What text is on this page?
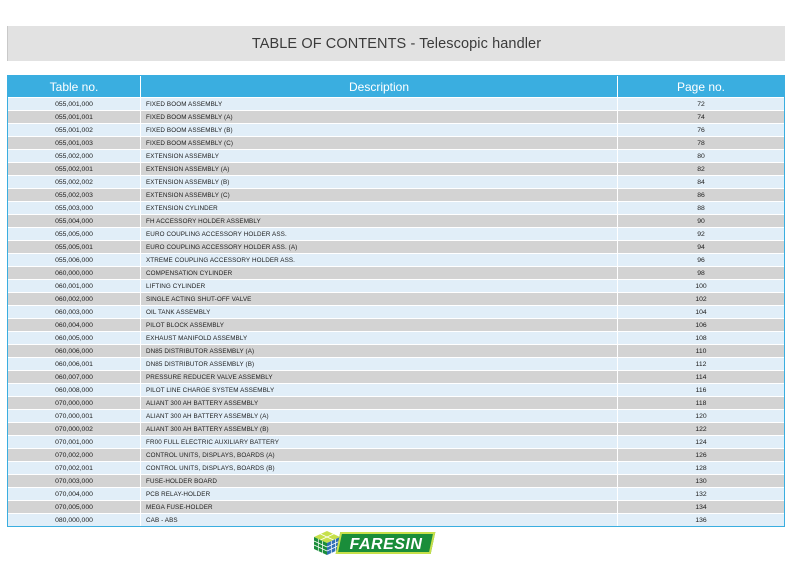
TABLE OF CONTENTS - Telescopic handler
Table no.	Description	Page no.
055,001,000	FIXED BOOM ASSEMBLY	72
055,001,001	FIXED BOOM ASSEMBLY (A)	74
055,001,002	FIXED BOOM ASSEMBLY (B)	76
055,001,003	FIXED BOOM ASSEMBLY (C)	78
055,002,000	EXTENSION ASSEMBLY	80
055,002,001	EXTENSION ASSEMBLY (A)	82
055,002,002	EXTENSION ASSEMBLY (B)	84
055,002,003	EXTENSION ASSEMBLY (C)	86
055,003,000	EXTENSION CYLINDER	88
055,004,000	FH ACCESSORY HOLDER ASSEMBLY	90
055,005,000	EURO COUPLING ACCESSORY HOLDER ASS.	92
055,005,001	EURO COUPLING ACCESSORY HOLDER ASS. (A)	94
055,006,000	XTREME COUPLING ACCESSORY HOLDER ASS.	96
060,000,000	COMPENSATION CYLINDER	98
060,001,000	LIFTING CYLINDER	100
060,002,000	SINGLE ACTING SHUT-OFF VALVE	102
060,003,000	OIL TANK ASSEMBLY	104
060,004,000	PILOT BLOCK ASSEMBLY	106
060,005,000	EXHAUST MANIFOLD ASSEMBLY	108
060,006,000	DN85 DISTRIBUTOR ASSEMBLY (A)	110
060,006,001	DN85 DISTRIBUTOR ASSEMBLY (B)	112
060,007,000	PRESSURE REDUCER VALVE ASSEMBLY	114
060,008,000	PILOT LINE CHARGE SYSTEM ASSEMBLY	116
070,000,000	ALIANT 300 AH BATTERY ASSEMBLY	118
070,000,001	ALIANT 300 AH BATTERY ASSEMBLY (A)	120
070,000,002	ALIANT 300 AH BATTERY ASSEMBLY (B)	122
070,001,000	FR00 FULL ELECTRIC AUXILIARY BATTERY	124
070,002,000	CONTROL UNITS, DISPLAYS, BOARDS (A)	126
070,002,001	CONTROL UNITS, DISPLAYS, BOARDS (B)	128
070,003,000	FUSE-HOLDER BOARD	130
070,004,000	PCB RELAY-HOLDER	132
070,005,000	MEGA FUSE-HOLDER	134
080,000,000	CAB - ABS	136
FARESIN
